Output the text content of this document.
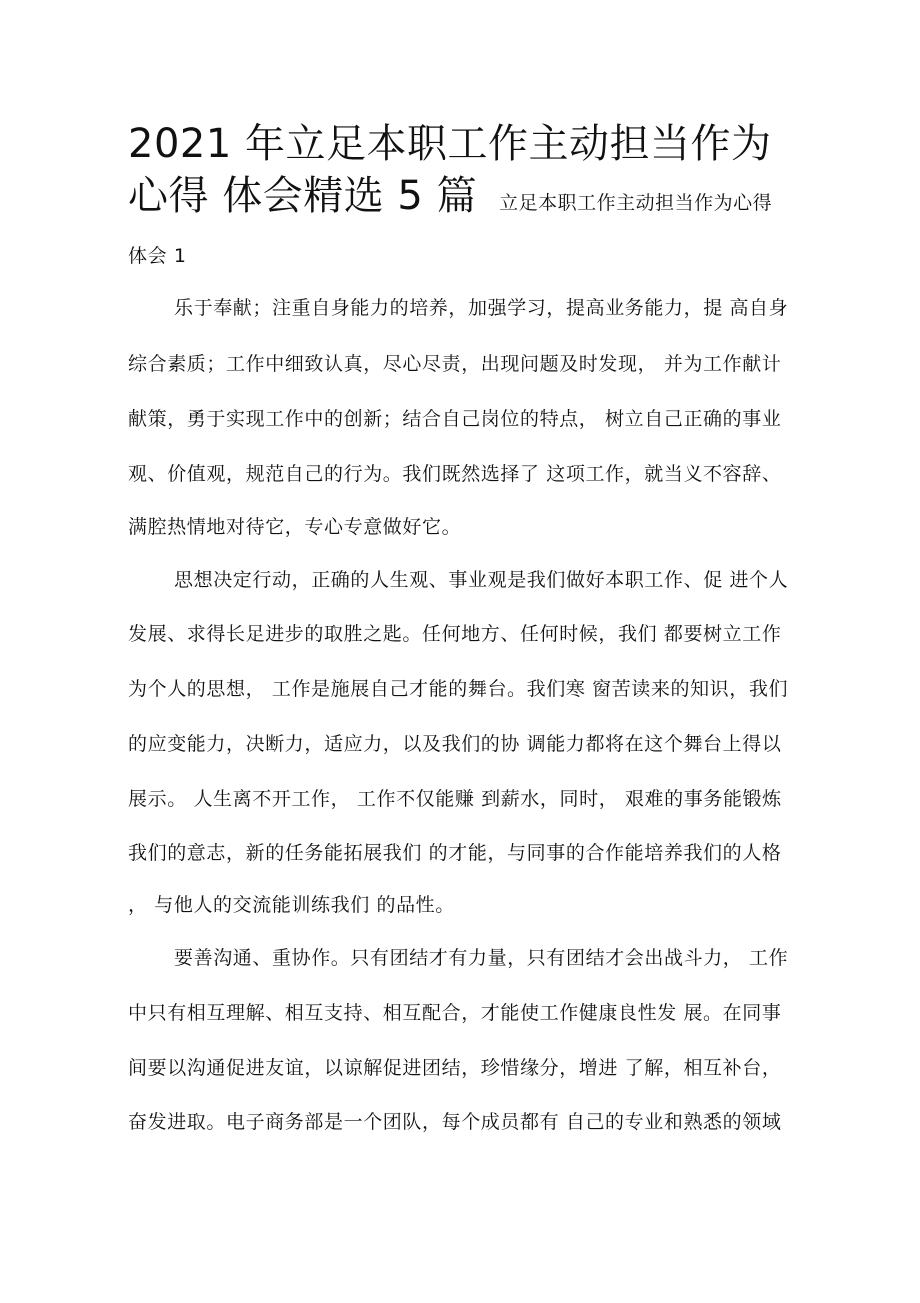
2021 年立足本职工作主动担当作为
心得 体会精选 5 篇 立足本职工作主动担当作为心得
体会 1
乐于奉献；注重自身能力的培养，加强学习，提高业务能力，提 高自身
综合素质；工作中细致认真，尽心尽责，出现问题及时发现， 并为工作献计
献策，勇于实现工作中的创新；结合自己岗位的特点， 树立自己正确的事业
观、价值观，规范自己的行为。我们既然选择了 这项工作，就当义不容辞、
满腔热情地对待它，专心专意做好它。
思想决定行动，正确的人生观、事业观是我们做好本职工作、促 进个人
发展、求得长足进步的取胜之匙。任何地方、任何时候，我们 都要树立工作
为个人的思想， 工作是施展自己才能的舞台。我们寒 窗苦读来的知识，我们
的应变能力，决断力，适应力，以及我们的协 调能力都将在这个舞台上得以
展示。 人生离不开工作， 工作不仅能赚 到薪水，同时， 艰难的事务能锻炼
我们的意志，新的任务能拓展我们 的才能，与同事的合作能培养我们的人格
， 与他人的交流能训练我们 的品性。
要善沟通、重协作。只有团结才有力量，只有团结才会出战斗力， 工作
中只有相互理解、相互支持、相互配合，才能使工作健康良性发 展。在同事
间要以沟通促进友谊，以谅解促进团结，珍惜缘分，增进 了解，相互补台，
奋发进取。电子商务部是一个团队，每个成员都有 自己的专业和熟悉的领域
